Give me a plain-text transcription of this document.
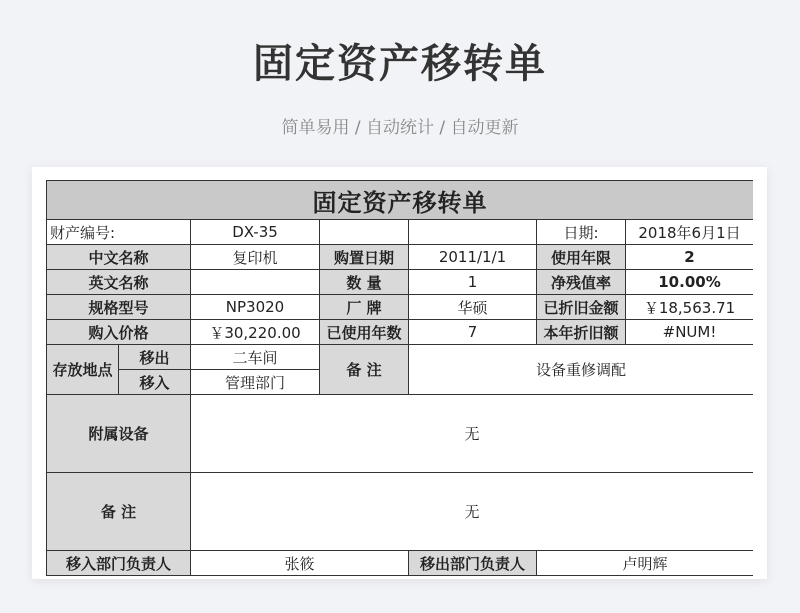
固定资产移转单
简单易用 / 自动统计 / 自动更新
固定资产移转单						
财产编号:		DX-35			日期:	2018年6月1日
中文名称		复印机	购置日期	2011/1/1	使用年限	2
英文名称			数 量	1	净残值率	10.00%
规格型号		NP3020	厂 牌	华硕	已折旧金额	￥18,563.71
购入价格		￥30,220.00	已使用年数	7	本年折旧额	#NUM!
存放地点	移出	二车间	备 注	设备重修调配		
	移入	管理部门				
附属设备		无				
备 注		无				
移入部门负责人		张筱		移出部门负责人	卢明辉	
